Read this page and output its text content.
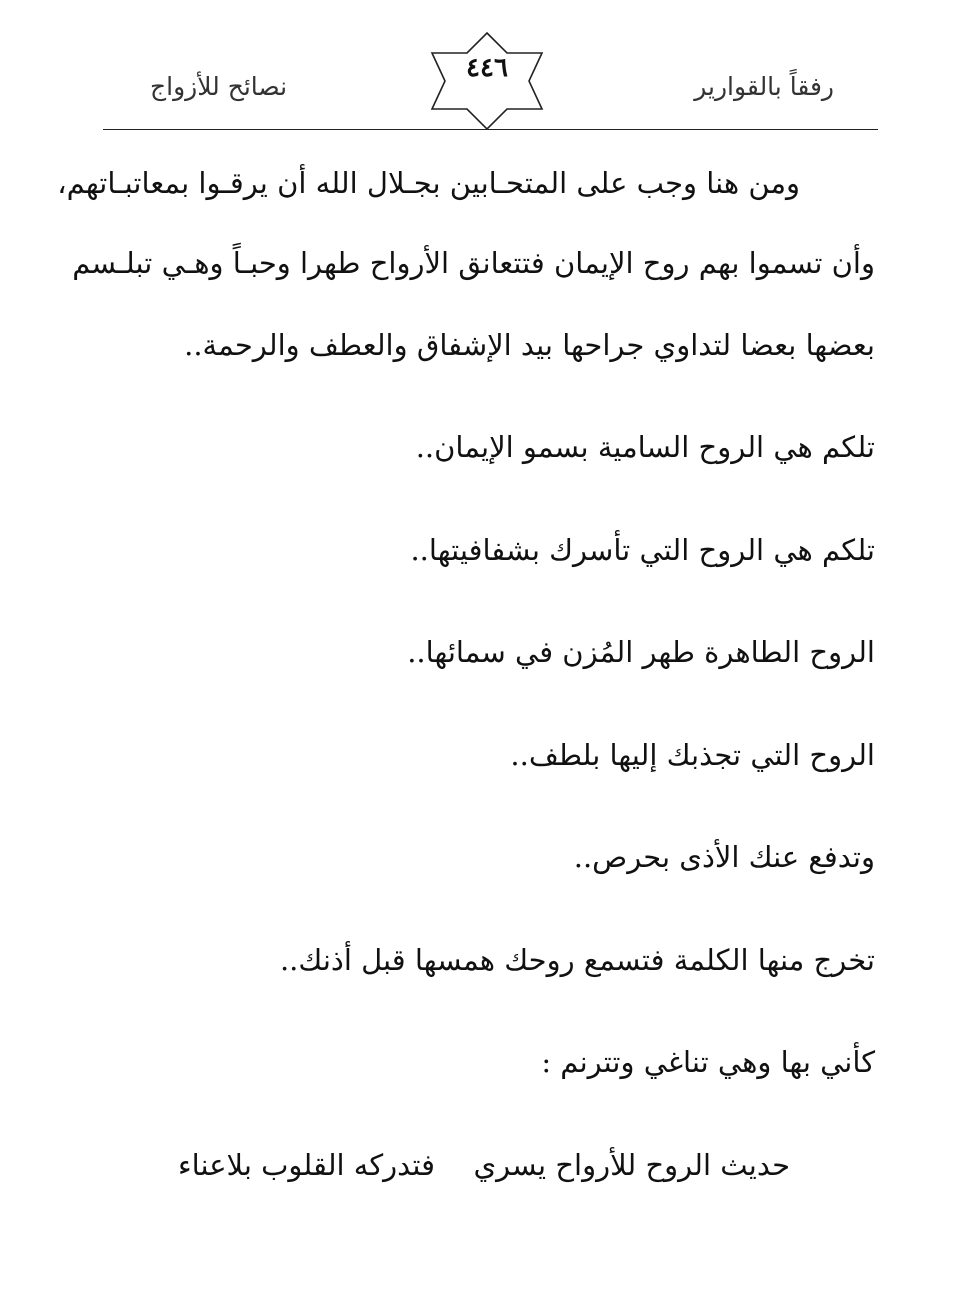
نصائح للأزواج
٤٤٦
رفقاً بالقوارير
ومن هنا وجب على المتحـابين بجـلال الله أن يرقـوا بمعاتبـاتهم،
وأن تسموا بهم روح الإيمان فتتعانق الأرواح طهرا وحبـاً وهـي تبلـسم
بعضها بعضا لتداوي جراحها بيد الإشفاق والعطف والرحمة..
تلكم هي الروح السامية بسمو الإيمان..
تلكم هي الروح التي تأسرك بشفافيتها..
الروح الطاهرة طهر المُزن في سمائها..
الروح التي تجذبك إليها بلطف..
وتدفع عنك الأذى بحرص..
تخرج منها الكلمة فتسمع روحك همسها قبل أذنك..
كأني بها وهي تناغي وتترنم :
حديث الروح للأرواح يسري
فتدركه القلوب بلاعناء
